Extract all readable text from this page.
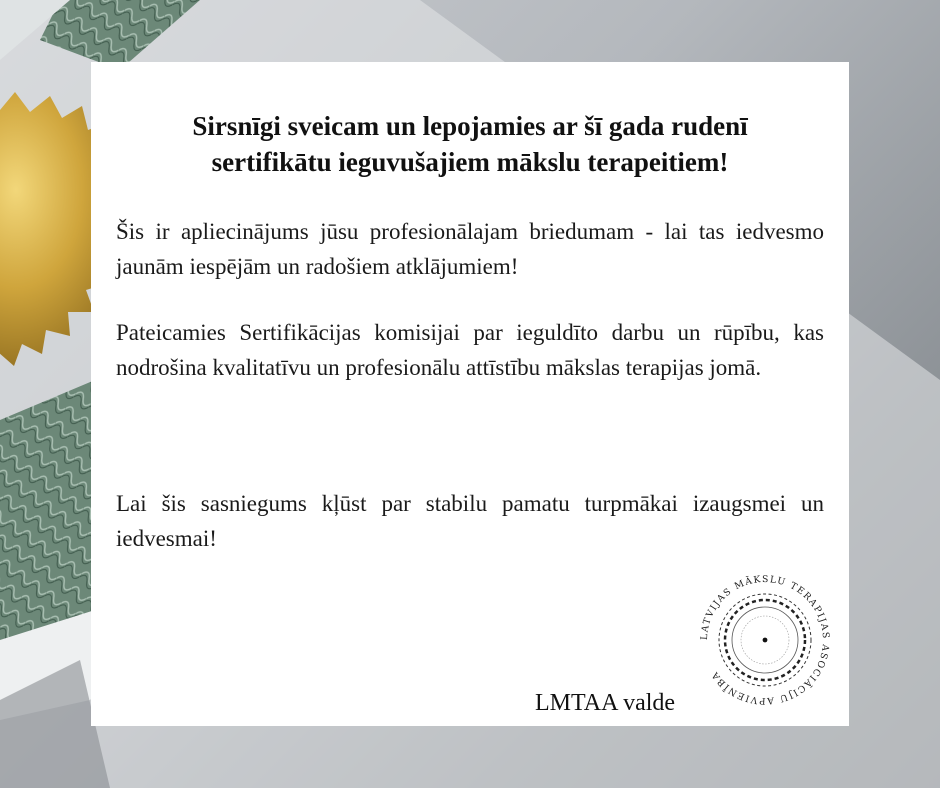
Sirsnīgi sveicam un lepojamies ar šī gada rudenī
sertifikātu ieguvušajiem mākslu terapeitiem!

Šis ir apliecinājums jūsu profesionālajam briedumam - lai tas iedvesmo jaunām iespējām un radošiem atklājumiem!

Pateicamies Sertifikācijas komisijai par ieguldīto darbu un rūpību, kas nodrošina kvalitatīvu un profesionālu attīstību mākslas terapijas jomā.

Lai šis sasniegums kļūst par stabilu pamatu turpmākai izaugsmei un iedvesmai!

LATVIJAS MĀKSLU TERAPIJAS ASOCIĀCIJU APVIENĪBA

LMTAA valde
